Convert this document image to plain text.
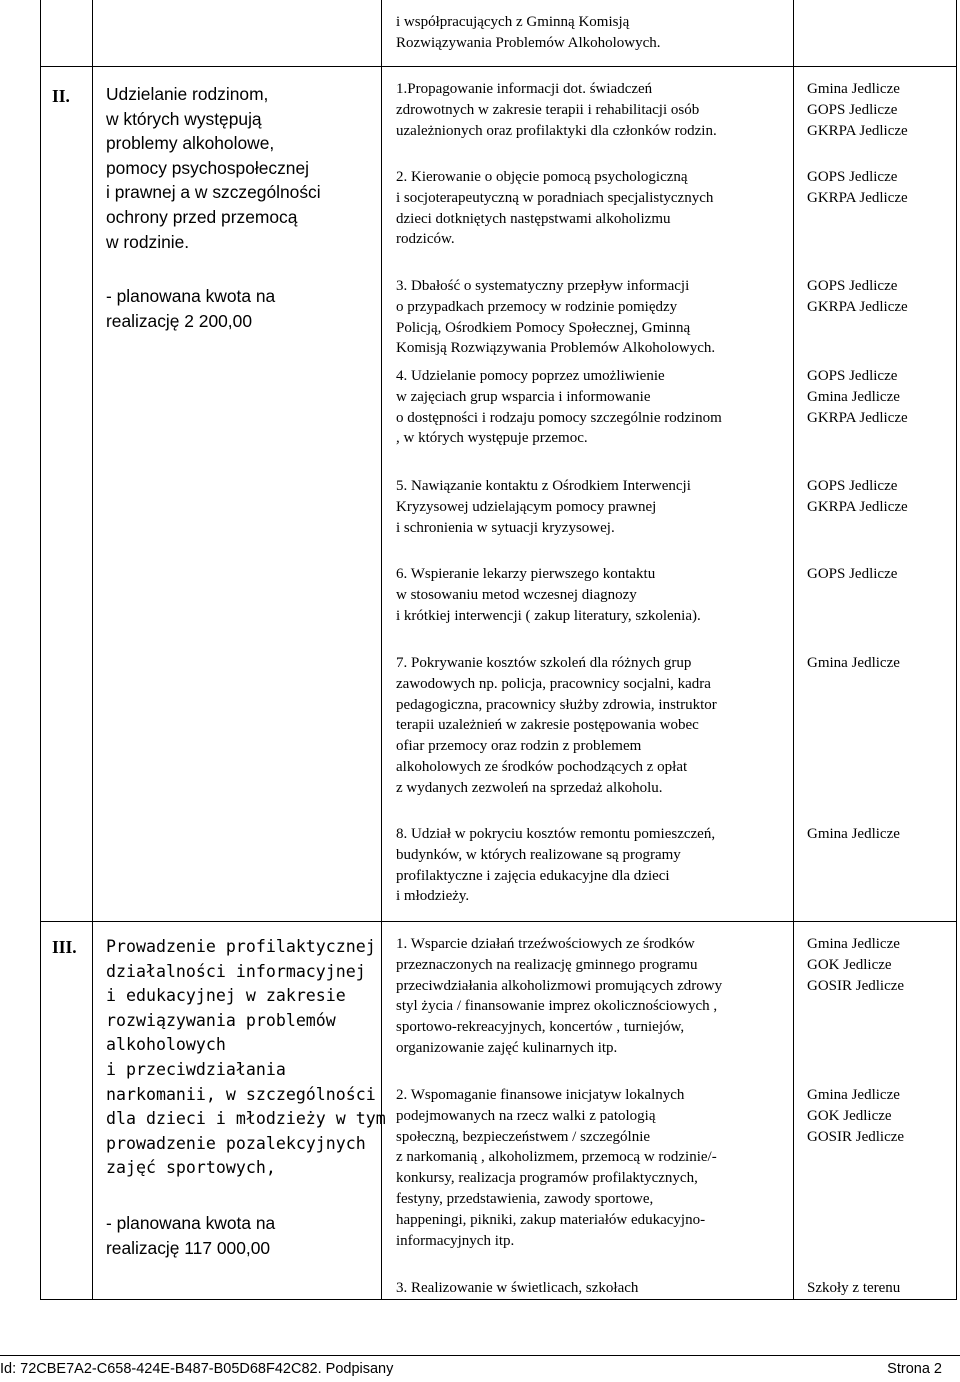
i współpracujących z Gminną Komisją
Rozwiązywania Problemów Alkoholowych.

II. Udzielanie rodzinom,
w których występują
problemy alkoholowe,
pomocy psychospołecznej
i prawnej a w szczególności
ochrony przed przemocą
w rodzinie.

- planowana kwota na
realizację 2 200,00

1.Propagowanie informacji dot. świadczeń
zdrowotnych w zakresie terapii i rehabilitacji osób
uzależnionych oraz profilaktyki dla członków rodzin.

Gmina Jedlicze
GOPS Jedlicze
GKRPA Jedlicze

2. Kierowanie o objęcie pomocą psychologiczną
i socjoterapeutyczną w poradniach specjalistycznych
dzieci dotkniętych następstwami alkoholizmu
rodziców.

GOPS Jedlicze
GKRPA Jedlicze

3. Dbałość o systematyczny przepływ informacji
o przypadkach przemocy w rodzinie pomiędzy
Policją, Ośrodkiem Pomocy Społecznej, Gminną
Komisją Rozwiązywania Problemów Alkoholowych.

GOPS Jedlicze
GKRPA Jedlicze

4. Udzielanie pomocy poprzez umożliwienie
w zajęciach grup wsparcia i informowanie
o dostępności i rodzaju pomocy szczególnie rodzinom
, w których występuje przemoc.

GOPS Jedlicze
Gmina Jedlicze
GKRPA Jedlicze

5. Nawiązanie kontaktu z Ośrodkiem Interwencji
Kryzysowej udzielającym pomocy prawnej
i schronienia w sytuacji kryzysowej.

GOPS Jedlicze
GKRPA Jedlicze

6. Wspieranie lekarzy pierwszego kontaktu
w stosowaniu metod wczesnej diagnozy
i krótkiej interwencji ( zakup literatury, szkolenia).

GOPS Jedlicze

7. Pokrywanie kosztów szkoleń dla różnych grup
zawodowych np. policja, pracownicy socjalni, kadra
pedagogiczna, pracownicy służby zdrowia, instruktor
terapii uzależnień w zakresie postępowania wobec
ofiar przemocy oraz rodzin z problemem
alkoholowych ze środków pochodzących z opłat
z wydanych zezwoleń na sprzedaż alkoholu.

Gmina Jedlicze

8. Udział w pokryciu kosztów remontu pomieszczeń,
budynków, w których realizowane są programy
profilaktyczne i zajęcia edukacyjne dla dzieci
i młodzieży.

Gmina Jedlicze

III. Prowadzenie profilaktycznej
działalności informacyjnej
i edukacyjnej w zakresie
rozwiązywania problemów
alkoholowych
i przeciwdziałania
narkomanii, w szczególności
dla dzieci i młodzieży w tym
prowadzenie pozalekcyjnych
zajęć sportowych,

- planowana kwota na
realizację 117 000,00

1. Wsparcie działań trzeźwościowych ze środków
przeznaczonych na realizację gminnego programu
przeciwdziałania alkoholizmowi promujących zdrowy
styl życia / finansowanie imprez okolicznościowych ,
sportowo-rekreacyjnych, koncertów , turniejów,
organizowanie zajęć kulinarnych itp.

Gmina Jedlicze
GOK Jedlicze
GOSIR Jedlicze

2. Wspomaganie finansowe inicjatyw lokalnych
podejmowanych na rzecz walki z patologią
społeczną, bezpieczeństwem / szczególnie
z narkomanią , alkoholizmem, przemocą w rodzinie/-
konkursy, realizacja programów profilaktycznych,
festyny, przedstawienia, zawody sportowe,
happeningi, pikniki, zakup materiałów edukacyjno-
informacyjnych itp.

Gmina Jedlicze
GOK Jedlicze
GOSIR Jedlicze

3. Realizowanie w świetlicach, szkołach	Szkoły z terenu

Id: 72CBE7A2-C658-424E-B487-B05D68F42C82. Podpisany	Strona 2
